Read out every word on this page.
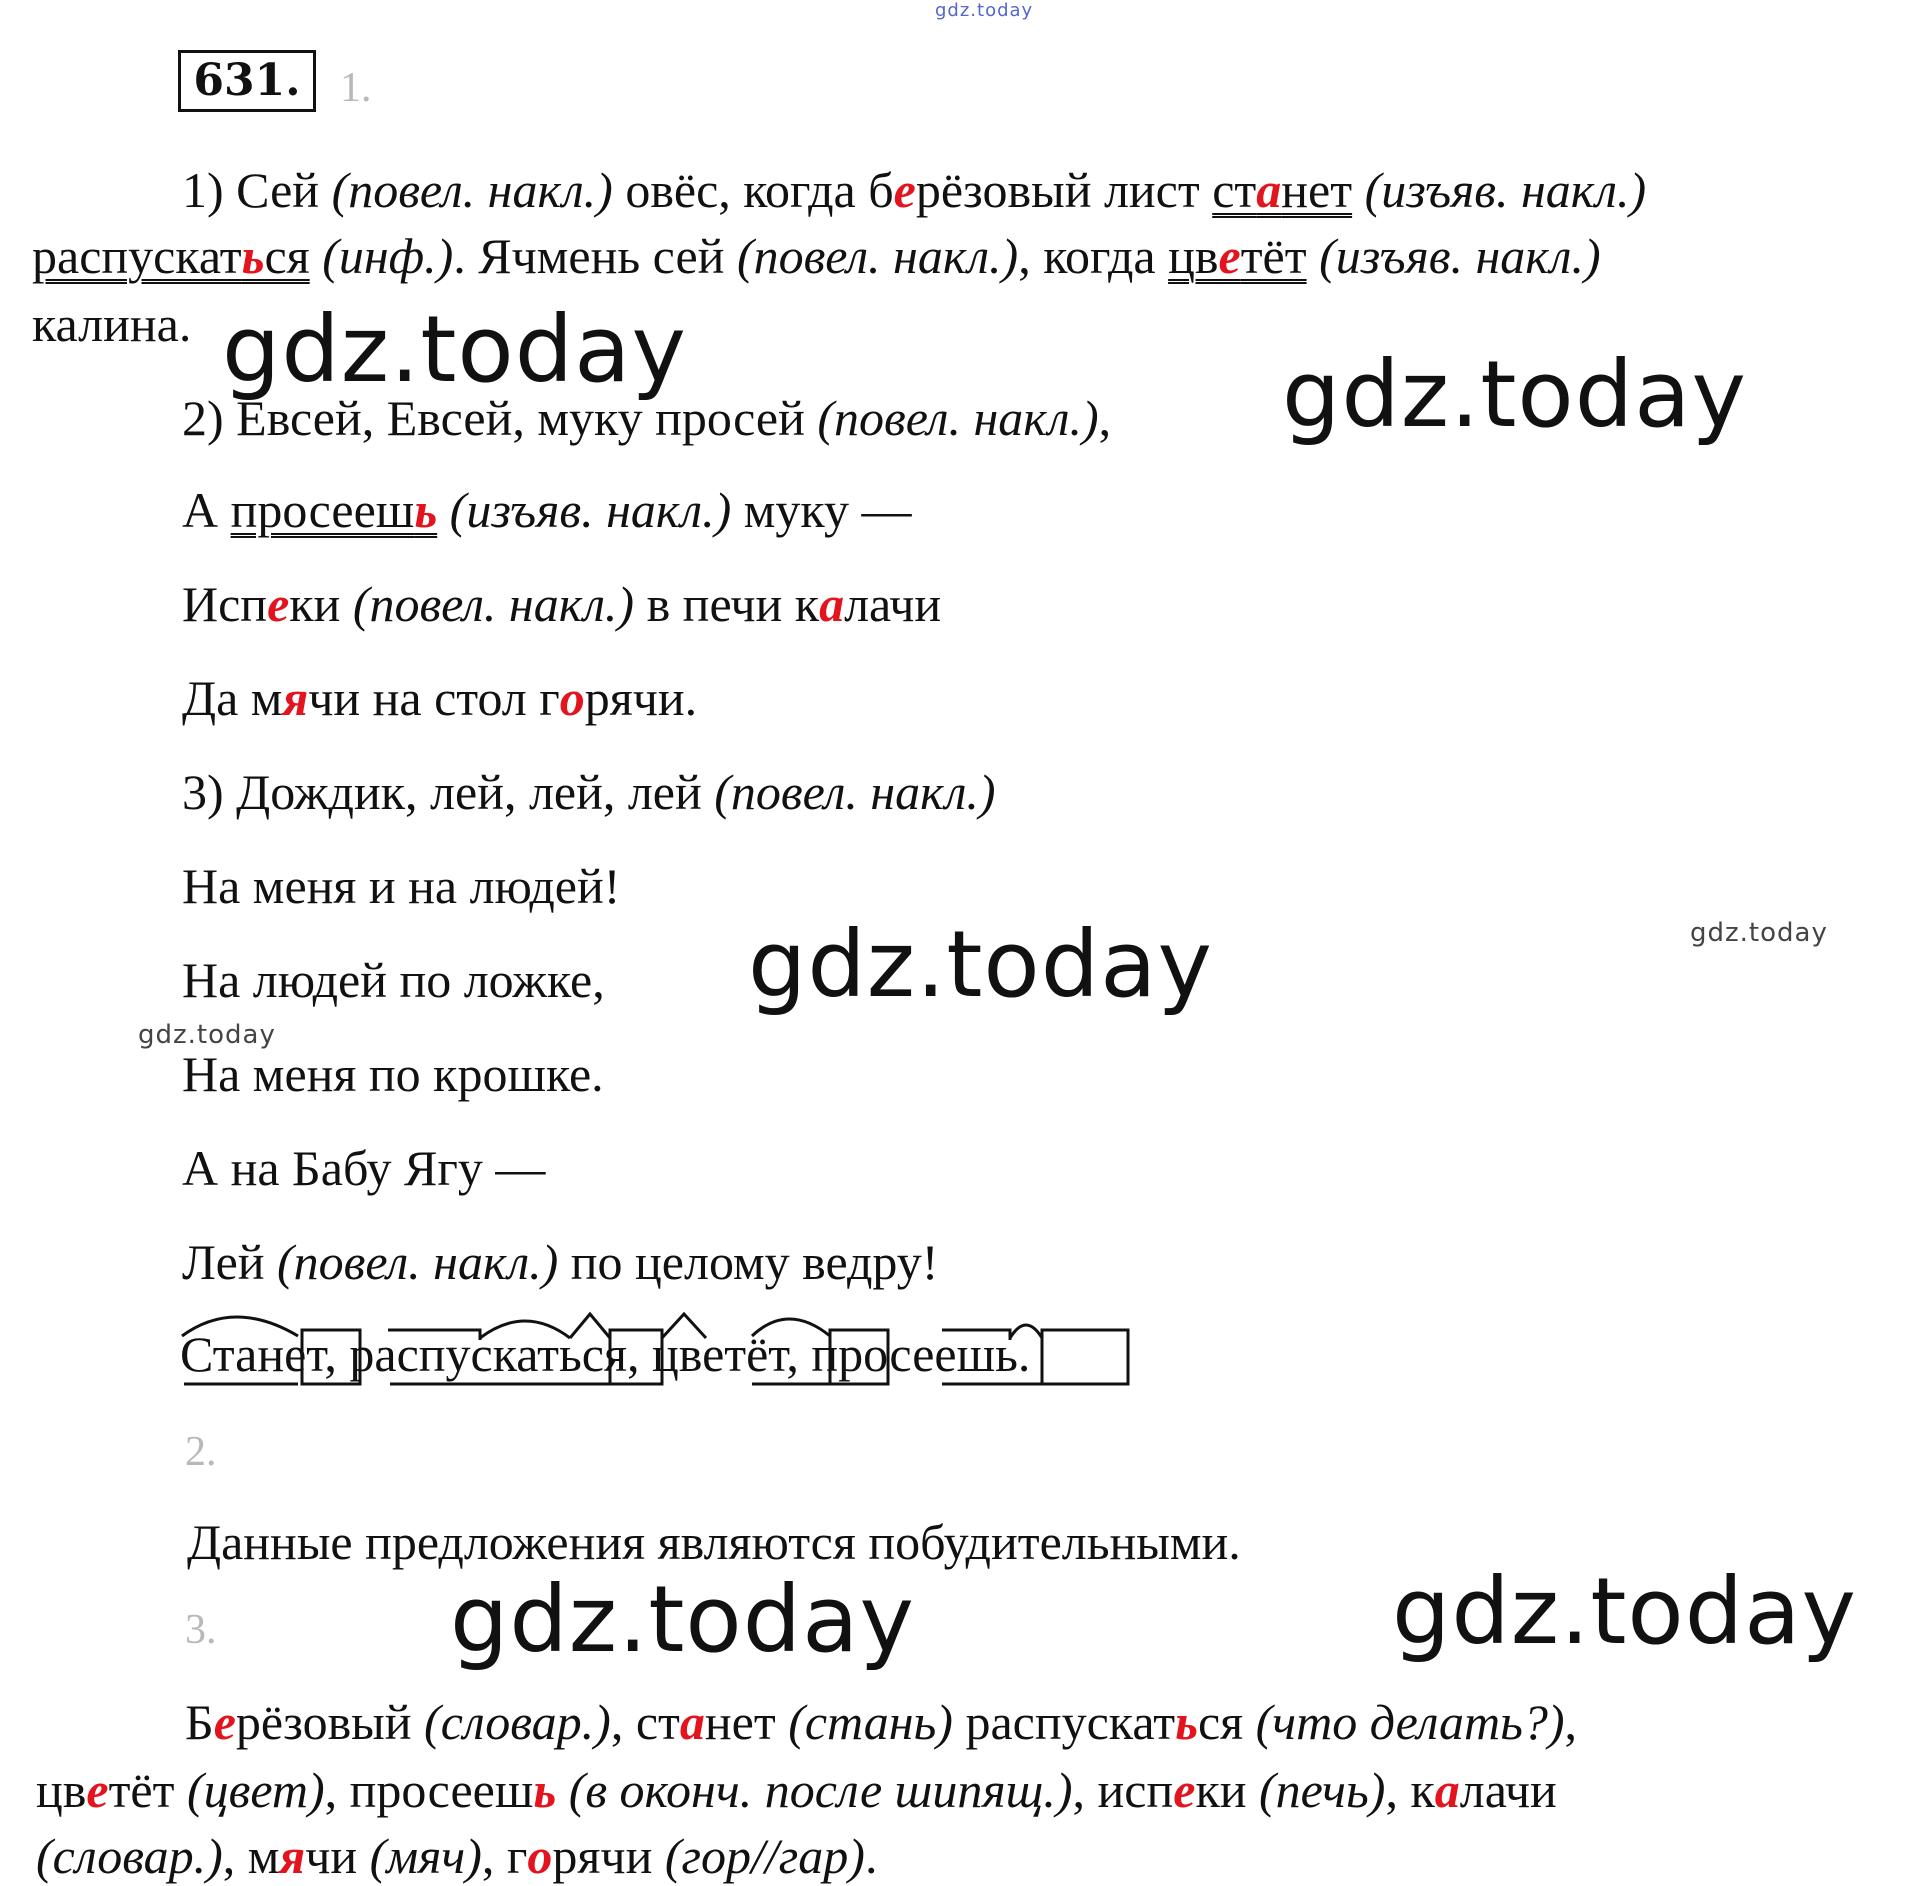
gdz.today
gdz.today	gdz.today
gdz.today
gdz.today	gdz.today
gdz.today
gdz.today
631. 1.
1) Сей (повел. накл.) овёс, когда берёзовый лист станет (изъяв. накл.)
распускаться (инф.). Ячмень сей (повел. накл.), когда цветёт (изъяв. накл.)
калина.
2) Евсей, Евсей, муку просей (повел. накл.),
А просеешь (изъяв. накл.) муку —
Испеки (повел. накл.) в печи калачи
Да мячи на стол горячи.
3) Дождик, лей, лей, лей (повел. накл.)
На меня и на людей!
На людей по ложке,
На меня по крошке.
А на Бабу Ягу —
Лей (повел. накл.) по целому ведру!
Станет, распускаться, цветёт, просеешь.
2.
Данные предложения являются побудительными.
3.
Берёзовый (словар.), станет (стань) распускаться (что делать?),
цветёт (цвет), просеешь (в оконч. после шипящ.), испеки (печь), калачи
(словар.), мячи (мяч), горячи (гор//гар).
